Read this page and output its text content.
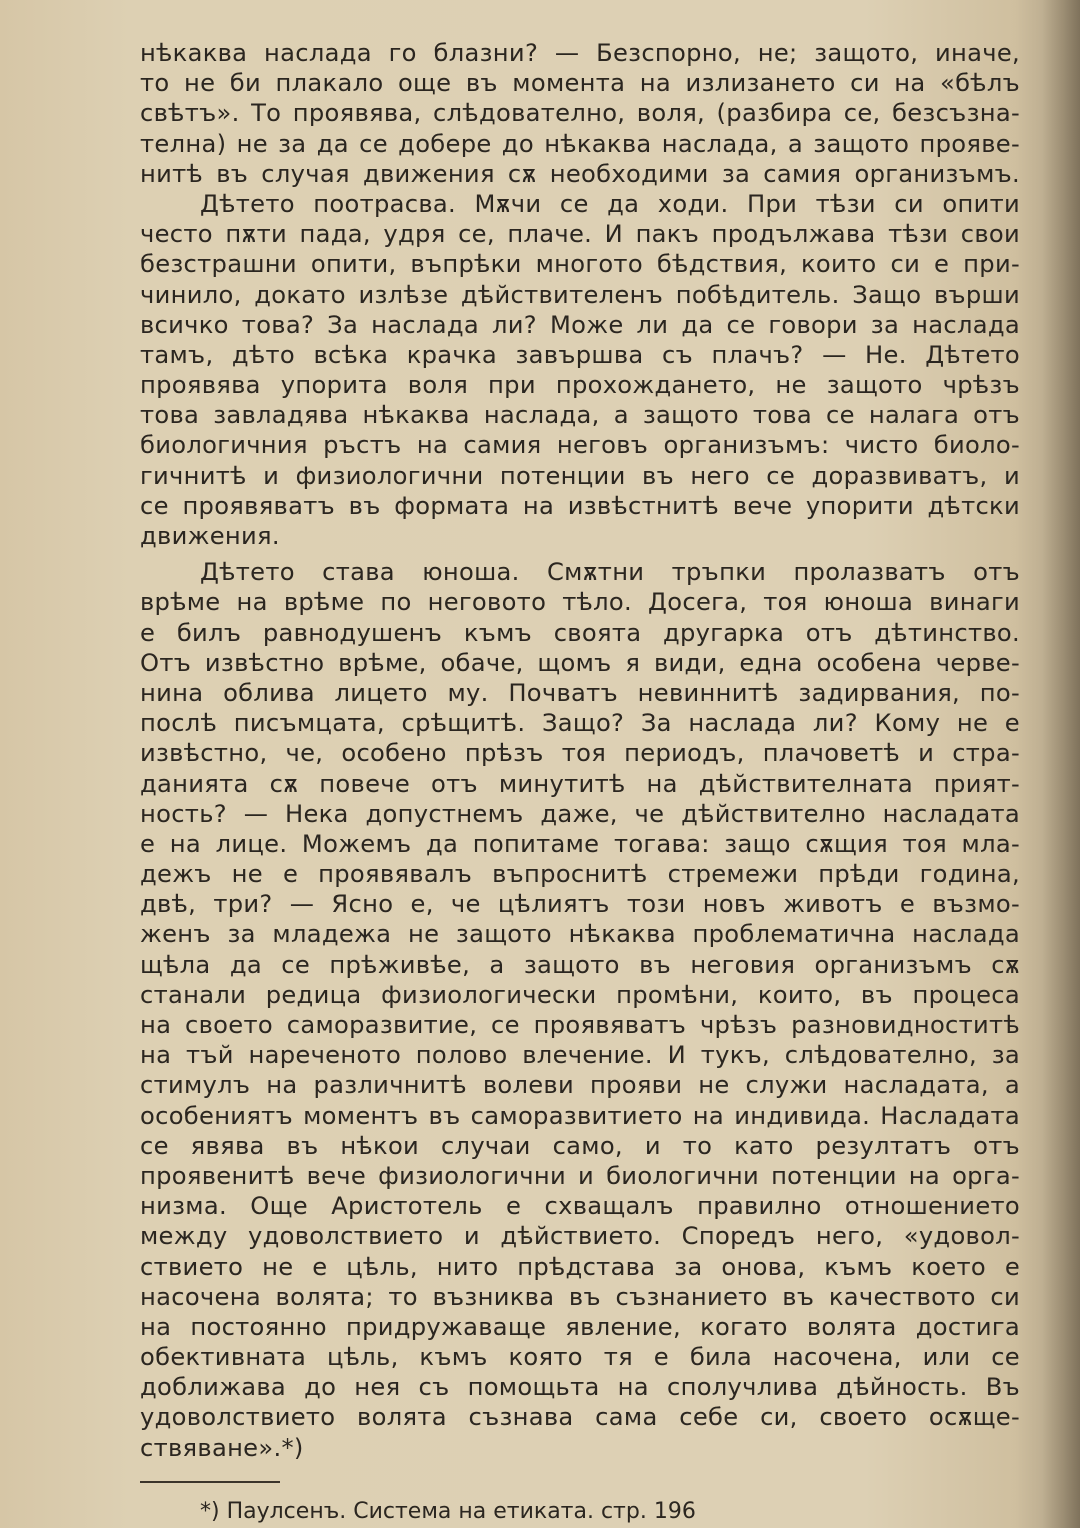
нѣкаква наслада го блазни? — Безспорно, не; защото, иначе,
то не би плакало още въ момента на излизането си на «бѣлъ
свѣтъ». То проявява, слѣдователно, воля, (разбира се, безсъзна-
телна) не за да се добере до нѣкаква наслада, а защото прояве-
нитѣ въ случая движения сѫ необходими за самия организъмъ.
Дѣтето поотрасва. Мѫчи се да ходи. При тѣзи си опити
често пѫти пада, удря се, плаче. И пакъ продължава тѣзи свои
безстрашни опити, въпрѣки многото бѣдствия, които си е при-
чинило, докато излѣзе дѣйствителенъ побѣдитель. Защо върши
всичко това? За наслада ли? Може ли да се говори за наслада
тамъ, дѣто всѣка крачка завършва съ плачъ? — Не. Дѣтето
проявява упорита воля при прохождането, не защото чрѣзъ
това завладява нѣкаква наслада, а защото това се налага отъ
биологичния ръстъ на самия неговъ организъмъ: чисто биоло-
гичнитѣ и физиологични потенции въ него се доразвиватъ, и
се проявяватъ въ формата на извѣстнитѣ вече упорити дѣтски
движения.
Дѣтето става юноша. Смѫтни тръпки пролазватъ отъ
врѣме на врѣме по неговото тѣло. Досега, тоя юноша винаги
е билъ равнодушенъ къмъ своята другарка отъ дѣтинство.
Отъ извѣстно врѣме, обаче, щомъ я види, една особена черве-
нина облива лицето му. Почватъ невиннитѣ задирвания, по-
послѣ писъмцата, срѣщитѣ. Защо? За наслада ли? Кому не е
извѣстно, че, особено прѣзъ тоя периодъ, плачоветѣ и стра-
данията сѫ повече отъ минутитѣ на дѣйствителната прият-
ность? — Нека допустнемъ даже, че дѣйствително насладата
е на лице. Можемъ да попитаме тогава: защо сѫщия тоя мла-
дежъ не е проявявалъ въпроснитѣ стремежи прѣди година,
двѣ, три? — Ясно е, че цѣлиятъ този новъ животъ е възмо-
женъ за младежа не защото нѣкаква проблематична наслада
щѣла да се прѣживѣе, а защото въ неговия организъмъ сѫ
станали редица физиологически промѣни, които, въ процеса
на своето саморазвитие, се проявяватъ чрѣзъ разновидноститѣ
на тъй нареченото полово влечение. И тукъ, слѣдователно, за
стимулъ на различнитѣ волеви прояви не служи насладата, а
особениятъ моментъ въ саморазвитието на индивида. Насладата
се явява въ нѣкои случаи само, и то като резултатъ отъ
проявенитѣ вече физиологични и биологични потенции на орга-
низма. Още Аристотель е схващалъ правилно отношението
между удоволствието и дѣйствието. Споредъ него, «удовол-
ствието не е цѣль, нито прѣдстава за онова, къмъ което е
насочена волята; то възниква въ съзнанието въ качеството си
на постоянно придружаваще явление, когато волята достига
обективната цѣль, къмъ която тя е била насочена, или се
доближава до нея съ помощьта на сполучлива дѣйность. Въ
удоволствието волята съзнава сама себе си, своето осѫще-
ствяване».*)
*) Паулсенъ. Система на етиката. стр. 196
